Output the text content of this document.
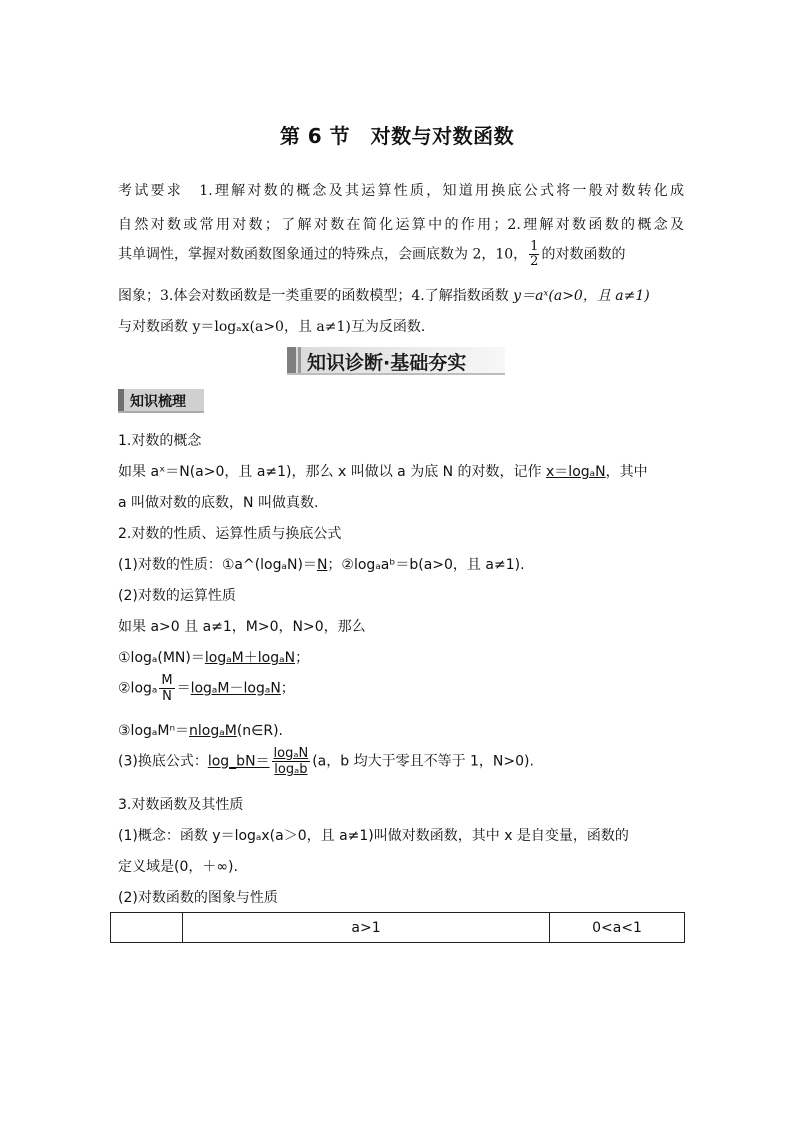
第 6 节　对数与对数函数
考试要求　 1.理解对数的概念及其运算性质，知道用换底公式将一般对数转化成
自然对数或常用对数；了解对数在简化运算中的作用；2.理解对数函数的概念及
其单调性，掌握对数函数图象通过的特殊点，会画底数为 2，10， $\frac{1}{2}$ 的对数函数的
图象；3.体会对数函数是一类重要的函数模型；4.了解指数函数 y＝aˣ(a>0，且 a≠1)
与对数函数 y＝logₐx(a>0，且 a≠1)互为反函数.
知识诊断·基础夯实
知识梳理
1.对数的概念
如果 aˣ＝N(a>0，且 a≠1)，那么 x 叫做以 a 为底 N 的对数，记作 x＝logₐN，其中
a 叫做对数的底数，N 叫做真数.
2.对数的性质、运算性质与换底公式
(1)对数的性质：①a^(logₐN)＝N；②logₐaᵇ＝b(a>0，且 a≠1).
(2)对数的运算性质
如果 a>0 且 a≠1，M>0，N>0，那么
①logₐ(MN)＝logₐM＋logₐN；
②logₐ $\frac{M}{N} =\log_aM-\log_aN$；
③logₐMⁿ＝nlogₐM(n∈R).
(3)换底公式：log_bN＝ $\frac{\text{logₐN}}{\text{logₐb}} (a$，b 均大于零且不等于 1，N>0).
3.对数函数及其性质
(1)概念：函数 y＝logₐx(a＞0，且 a≠1)叫做对数函数，其中 x 是自变量，函数的
定义域是(0，＋∞).
(2)对数函数的图象与性质
	a>1	0<a<1
